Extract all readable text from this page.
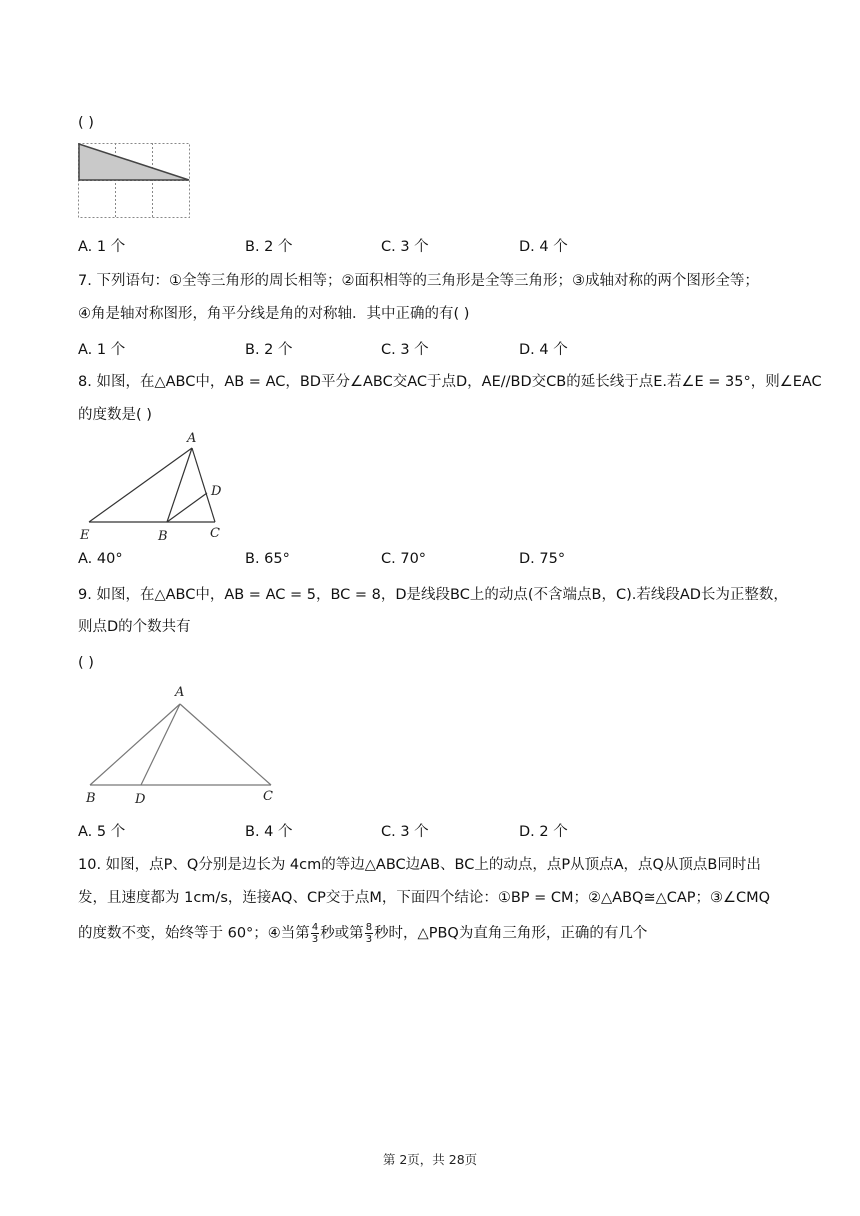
( )
A. 1 个	B. 2 个	C. 3 个	D. 4 个
7. 下列语句：①全等三角形的周长相等；②面积相等的三角形是全等三角形；③成轴对称的两个图形全等；
④角是轴对称图形，角平分线是角的对称轴．其中正确的有( )
A. 1 个	B. 2 个	C. 3 个	D. 4 个
8. 如图，在△ABC中，AB = AC，BD平分∠ABC交AC于点D，AE//BD交CB的延长线于点E.若∠E = 35°，则∠EAC
的度数是( )
A
E	B	C
D
A. 40°	B. 65°	C. 70°	D. 75°
9. 如图，在△ABC中，AB = AC = 5，BC = 8，D是线段BC上的动点(不含端点B，C).若线段AD长为正整数，
则点D的个数共有
( )
A
B	D	C
A. 5 个	B. 4 个	C. 3 个	D. 2 个
10. 如图，点P、Q分别是边长为 4cm的等边△ABC边AB、BC上的动点，点P从顶点A，点Q从顶点B同时出
发，且速度都为 1cm/s，连接AQ、CP交于点M，下面四个结论：①BP = CM；②△ABQ≅△CAP；③∠CMQ
的度数不变，始终等于 60°；④当第 $\frac{4}{3}$ 秒或第 $\frac{8}{3}$ 秒时，△PBQ为直角三角形，正确的有几个
第 2页，共 28页
